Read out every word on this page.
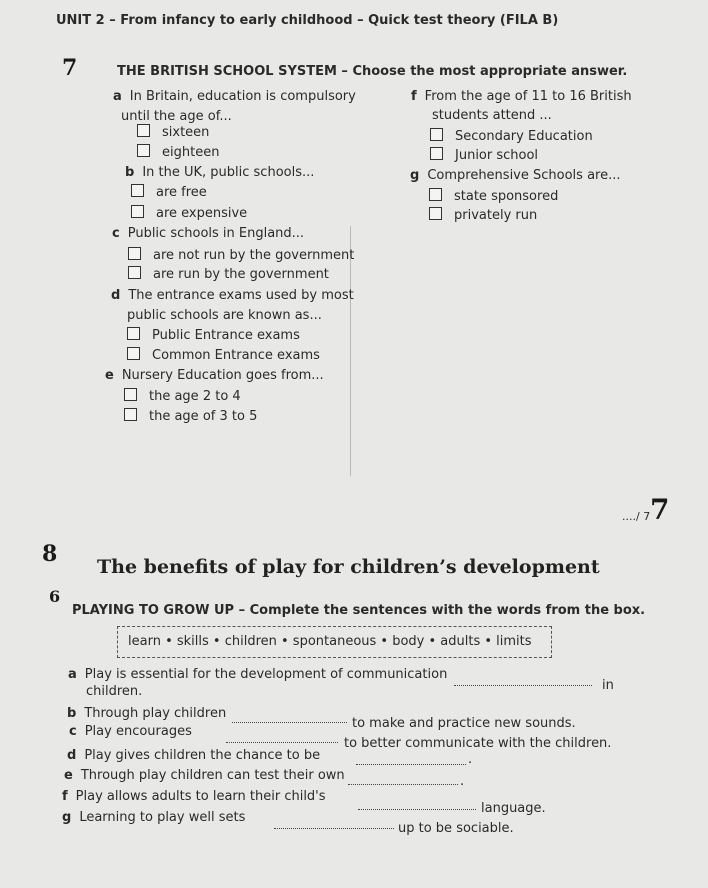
UNIT 2 – From infancy to early childhood – Quick test theory (FILA B)
7	THE BRITISH SCHOOL SYSTEM – Choose the most appropriate answer.
a In Britain, education is compulsory
until the age of...
sixteen
eighteen
b In the UK, public schools...
are free
are expensive
c Public schools in England...
are not run by the government
are run by the government
d The entrance exams used by most
public schools are known as...
Public Entrance exams
Common Entrance exams
e Nursery Education goes from...
the age 2 to 4
the age of 3 to 5
f From the age of 11 to 16 British
students attend ...
Secondary Education
Junior school
g Comprehensive Schools are...
state sponsored
privately run
..../ 7 7
8 The benefits of play for children’s development
6
PLAYING TO GROW UP – Complete the sentences with the words from the box.
learn • skills • children • spontaneous • body • adults • limits
a Play is essential for the development of communication
in
children.
b Through play children
to make and practice new sounds.
c Play encourages
to better communicate with the children.
d Play gives children the chance to be	.
e Through play children can test their own	.
f Play allows adults to learn their child's
language.
g Learning to play well sets
up to be sociable.
